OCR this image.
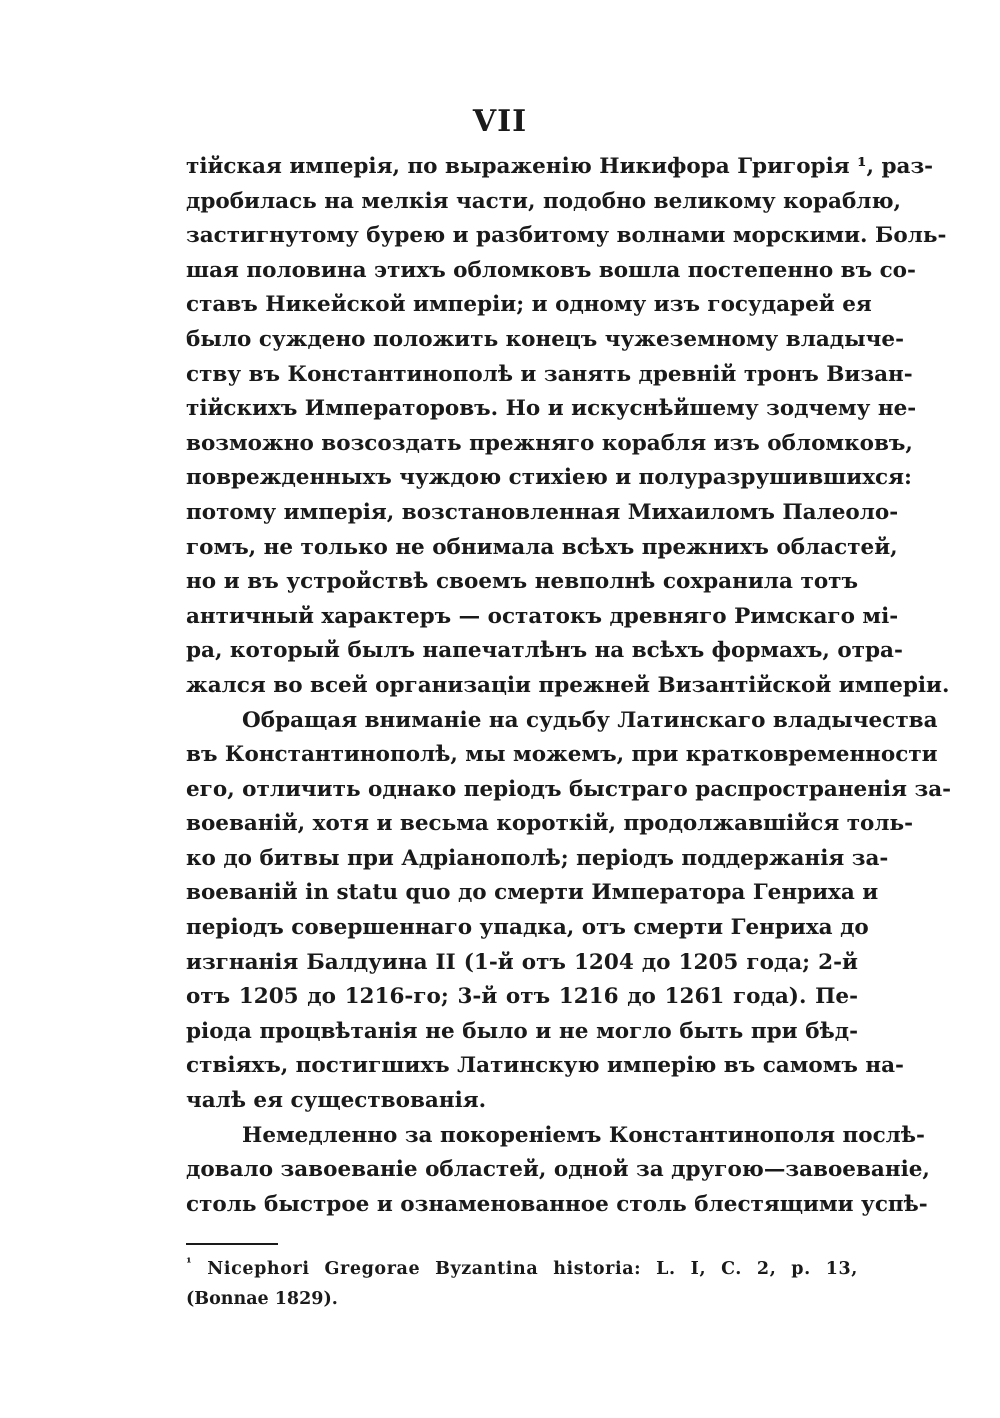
VII
тійская имперія, по выраженію Никифора Григорія ¹, раз-
дробилась на мелкія части, подобно великому кораблю,
застигнутому бурею и разбитому волнами морскими. Боль-
шая половина этихъ обломковъ вошла постепенно въ со-
ставъ Никейской имперіи; и одному изъ государей ея
было суждено положить конецъ чужеземному владыче-
ству въ Константинополѣ и занять древній тронъ Визан-
тійскихъ Императоровъ. Но и искуснѣйшему зодчему не-
возможно возсоздать прежняго корабля изъ обломковъ,
поврежденныхъ чуждою стихіею и полуразрушившихся:
потому имперія, возстановленная Михаиломъ Палеоло-
гомъ, не только не обнимала всѣхъ прежнихъ областей,
но и въ устройствѣ своемъ невполнѣ сохранила тотъ
античный характеръ — остатокъ древняго Римскаго мі-
ра, который былъ напечатлѣнъ на всѣхъ формахъ, отра-
жался во всей организаціи прежней Византійской имперіи.
Обращая вниманіе на судьбу Латинскаго владычества
въ Константинополѣ, мы можемъ, при кратковременности
его, отличить однако періодъ быстраго распространенія за-
воеваній, хотя и весьма короткій, продолжавшійся толь-
ко до битвы при Адріанополѣ; періодъ поддержанія за-
воеваній in statu quo до смерти Императора Генриха и
періодъ совершеннаго упадка, отъ смерти Генриха до
изгнанія Балдуина II (1-й отъ 1204 до 1205 года; 2-й
отъ 1205 до 1216-го; 3-й отъ 1216 до 1261 года). Пе-
ріода процвѣтанія не было и не могло быть при бѣд-
ствіяхъ, постигшихъ Латинскую имперію въ самомъ на-
чалѣ ея существованія.
Немедленно за покореніемъ Константинополя послѣ-
довало завоеваніе областей, одной за другою—завоеваніе,
столь быстрое и ознаменованное столь блестящими успѣ-
$^{^1}$ Nicephori Gregorae Byzantina historia: L. I, C. 2, p. 13,
(Bonnae 1829).
